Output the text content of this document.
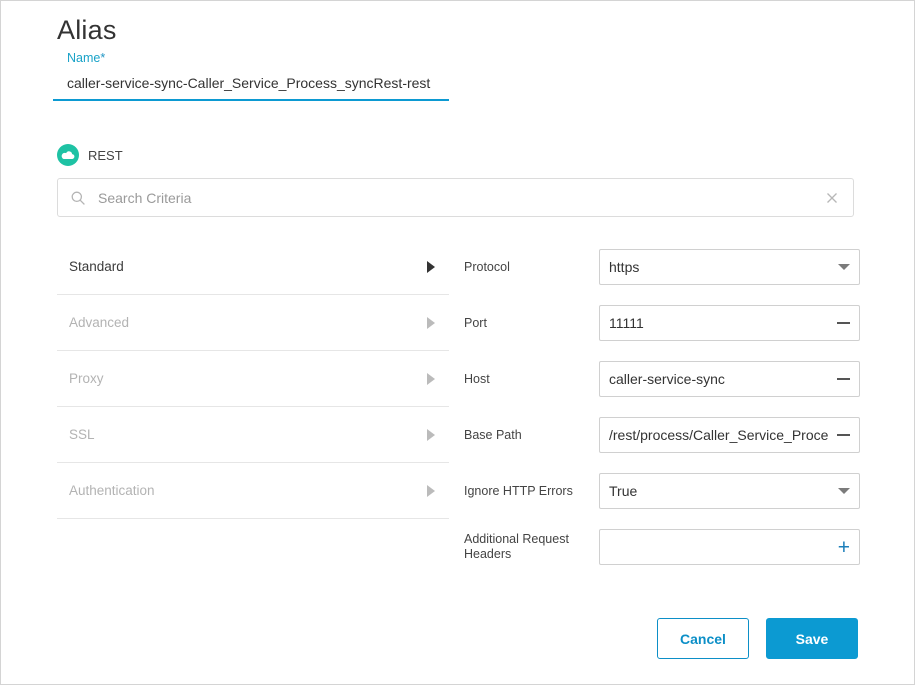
Alias
Name*
caller-service-sync-Caller_Service_Process_syncRest-rest
REST
Search Criteria
Standard
Advanced
Proxy
SSL
Authentication
Protocol
https
Port
11111
Host
caller-service-sync
Base Path
/rest/process/Caller_Service_Proce
Ignore HTTP Errors
True
Additional Request Headers	+
Cancel	Save
